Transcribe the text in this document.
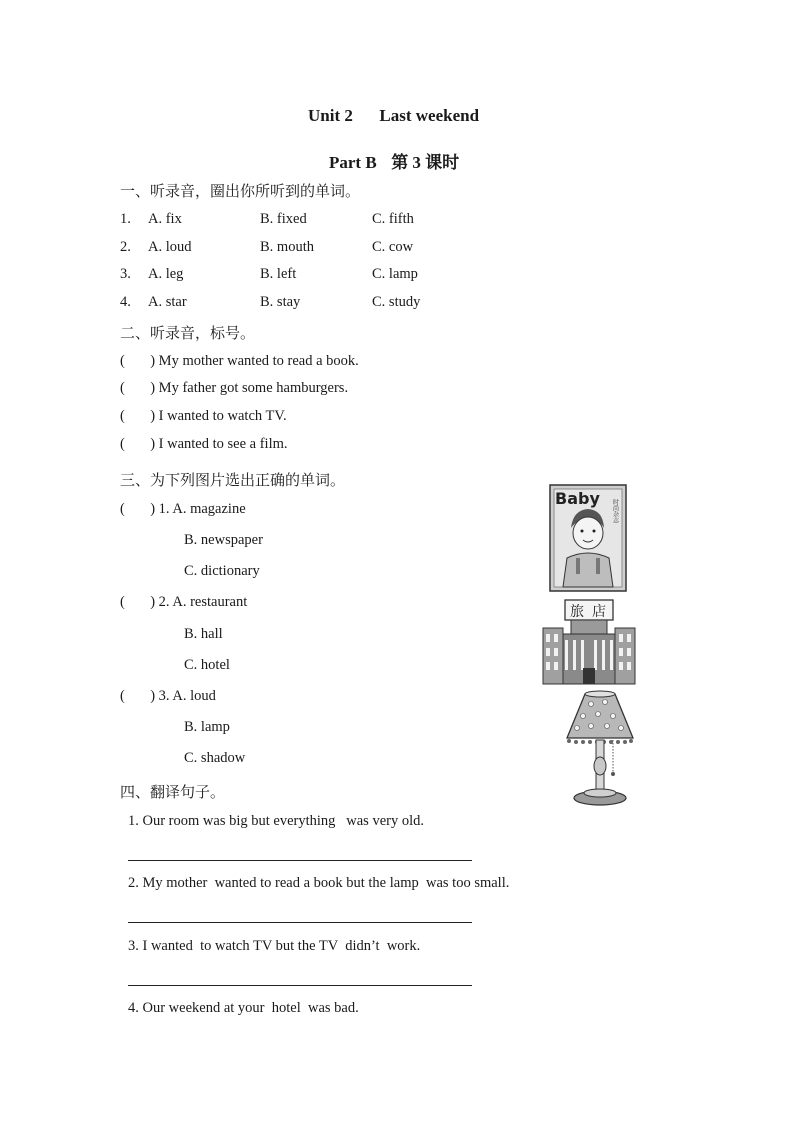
Unit 2 Last weekend
Part B 第 3 课时
一、听录音，圈出你所听到的单词。
1. A. fix	B. fixed	C. fifth
2. A. loud	B. mouth	C. cow
3. A. leg	B. left	C. lamp
4. A. star	B. stay	C. study
二、听录音，标号。
(       ) My mother wanted to read a book.
(       ) My father got some hamburgers.
(       ) I wanted to watch TV.
(       ) I wanted to see a film.
三、为下列图片选出正确的单词。
(       ) 1. A. magazine
B. newspaper
C. dictionary
(       ) 2. A. restaurant
B. hall
C. hotel
(       ) 3. A. loud
B. lamp
C. shadow
Baby
时尚杂志
旅 店
四、翻译句子。
1. Our room was big but everything   was very old.
2. My mother  wanted to read a book but the lamp  was too small.
3. I wanted  to watch TV but the TV  didn’t  work.
4. Our weekend at your  hotel  was bad.
